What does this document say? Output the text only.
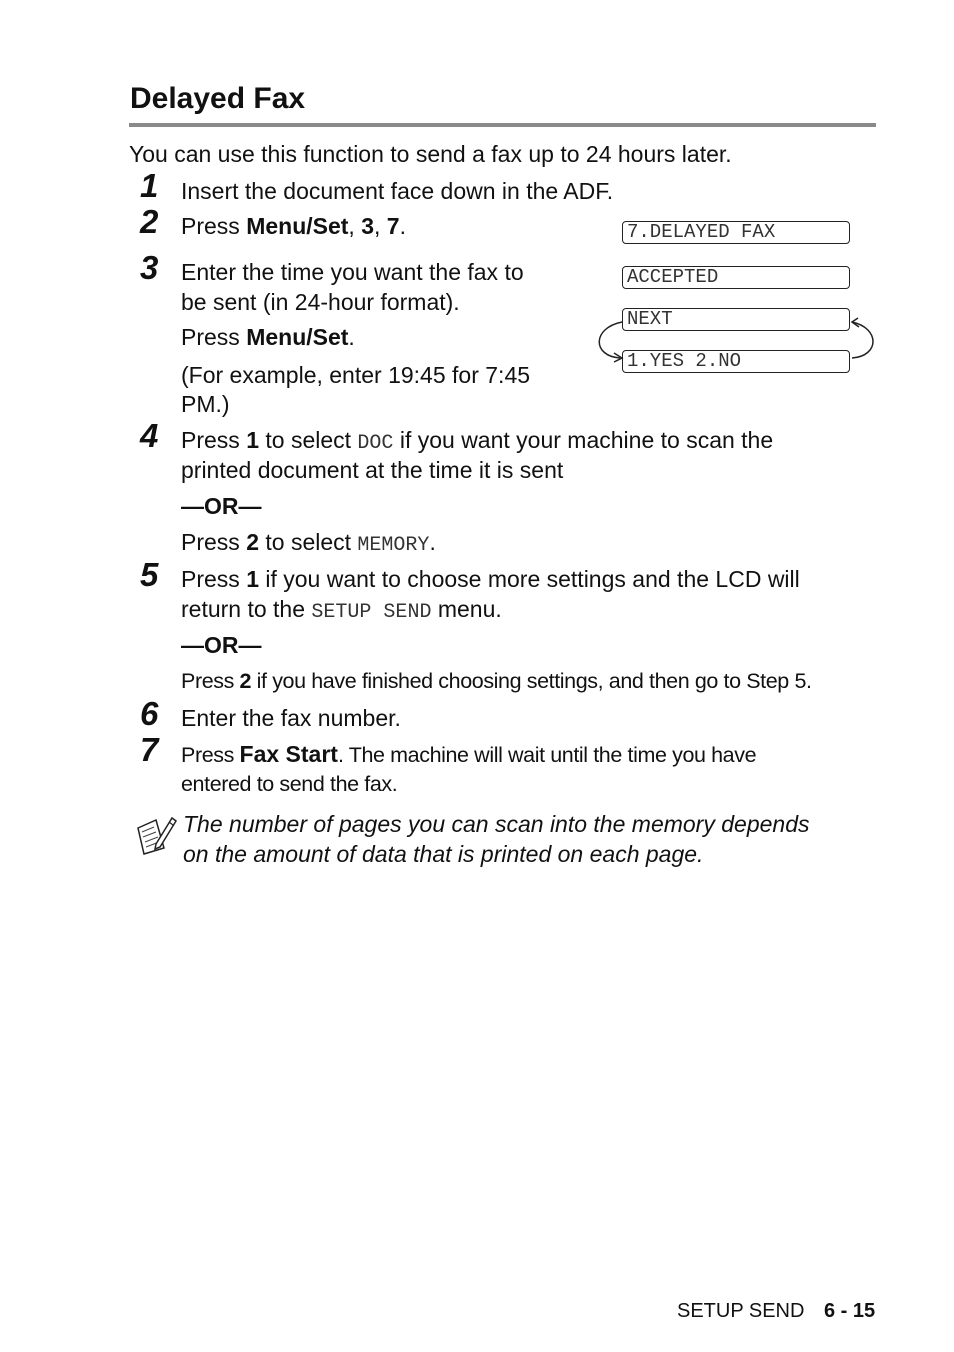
Delayed Fax
You can use this function to send a fax up to 24 hours later.
1
2
3
4
5
6
7
Insert the document face down in the ADF.
Press Menu/Set, 3, 7.
Enter the time you want the fax to
be sent (in 24-hour format).
Press Menu/Set.
(For example, enter 19:45 for 7:45
PM.)
7.DELAYED FAX
ACCEPTED
NEXT
1.YES 2.NO
Press 1 to select DOC if you want your machine to scan the
printed document at the time it is sent
—OR—
Press 2 to select MEMORY.
Press 1 if you want to choose more settings and the LCD will
return to the SETUP SEND menu.
—OR—
Press 2 if you have finished choosing settings, and then go to Step 5.
Enter the fax number.
Press Fax Start. The machine will wait until the time you have
entered to send the fax.
The number of pages you can scan into the memory depends
on the amount of data that is printed on each page.
SETUP SEND 6 - 15
